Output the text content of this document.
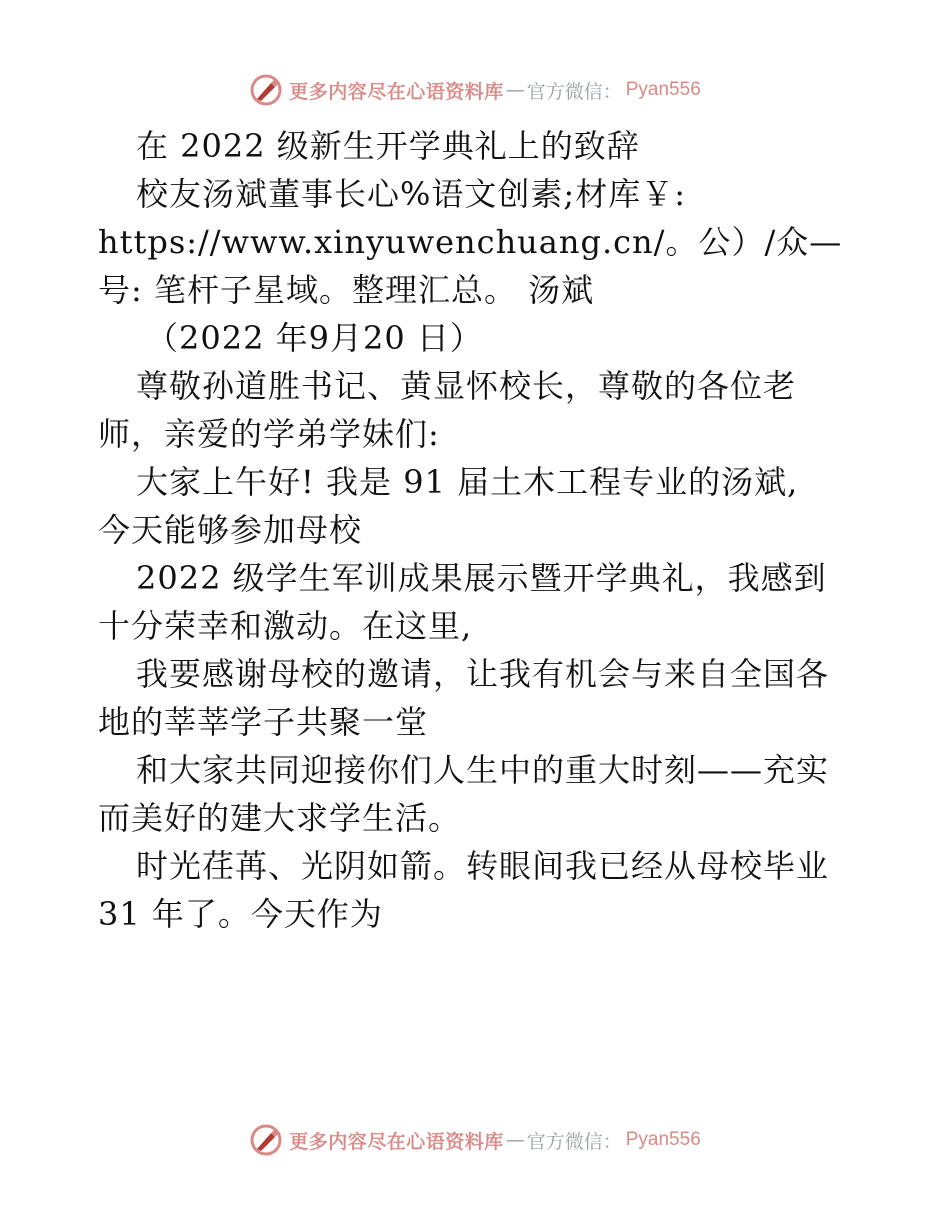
更多内容尽在心语资料库 — 官方微信： Pyan556
在 2022 级新生开学典礼上的致辞
校友汤斌董事长心%语文创素;材库￥:
https://www.xinyuwenchuang.cn/。公）/众—
号: 笔杆子星域。整理汇总。 汤斌
（2022 年9月20 日）
尊敬孙道胜书记、黄显怀校长，尊敬的各位老
师，亲爱的学弟学妹们:
大家上午好! 我是 91 届土木工程专业的汤斌,
今天能够参加母校
2022 级学生军训成果展示暨开学典礼，我感到
十分荣幸和激动。在这里,
我要感谢母校的邀请，让我有机会与来自全国各
地的莘莘学子共聚一堂
和大家共同迎接你们人生中的重大时刻——充实
而美好的建大求学生活。
时光荏苒、光阴如箭。转眼间我已经从母校毕业
31 年了。今天作为
更多内容尽在心语资料库 — 官方微信： Pyan556
